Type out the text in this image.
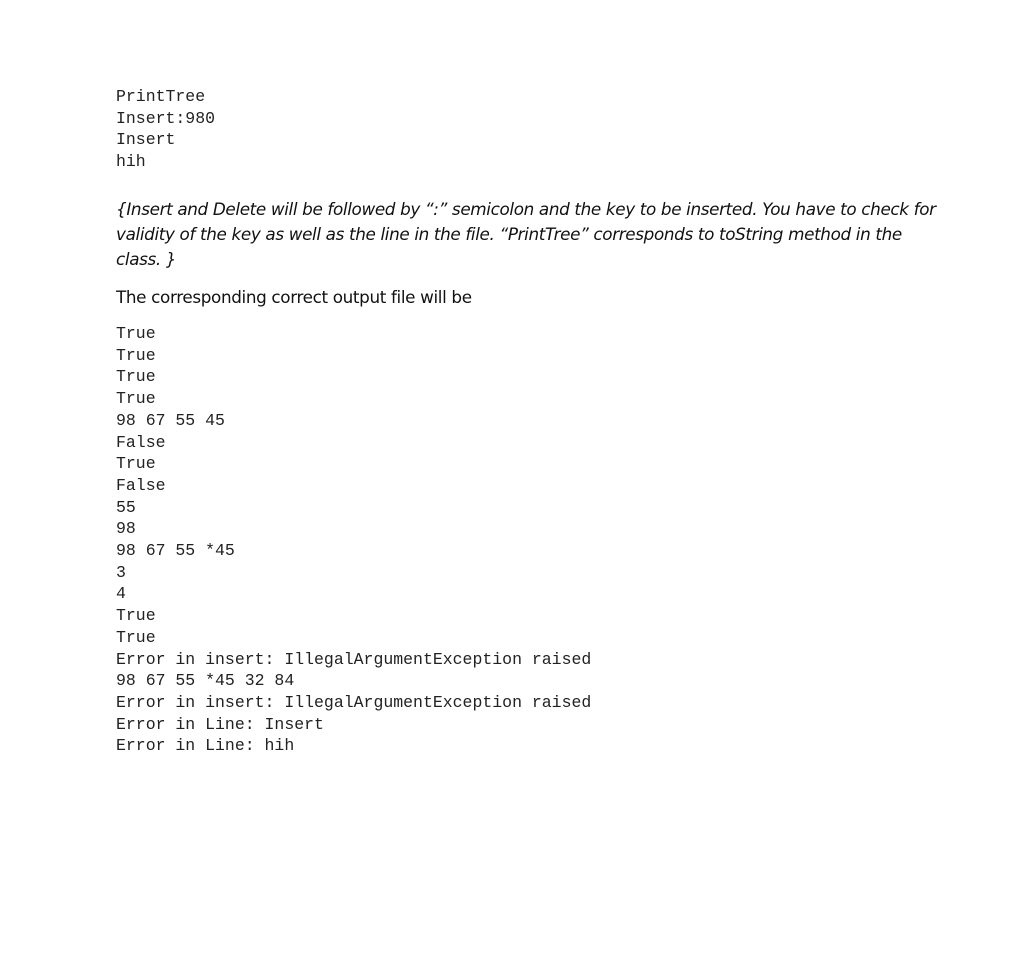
PrintTree
Insert:980
Insert
hih

{Insert and Delete will be followed by “:” semicolon and the key to be inserted. You have to check for validity of the key as well as the line in the file. “PrintTree” corresponds to toString method in the class. }

The corresponding correct output file will be

True
True
True
True
98 67 55 45
False
True
False
55
98
98 67 55 *45
3
4
True
True
Error in insert: IllegalArgumentException raised
98 67 55 *45 32 84
Error in insert: IllegalArgumentException raised
Error in Line: Insert
Error in Line: hih
